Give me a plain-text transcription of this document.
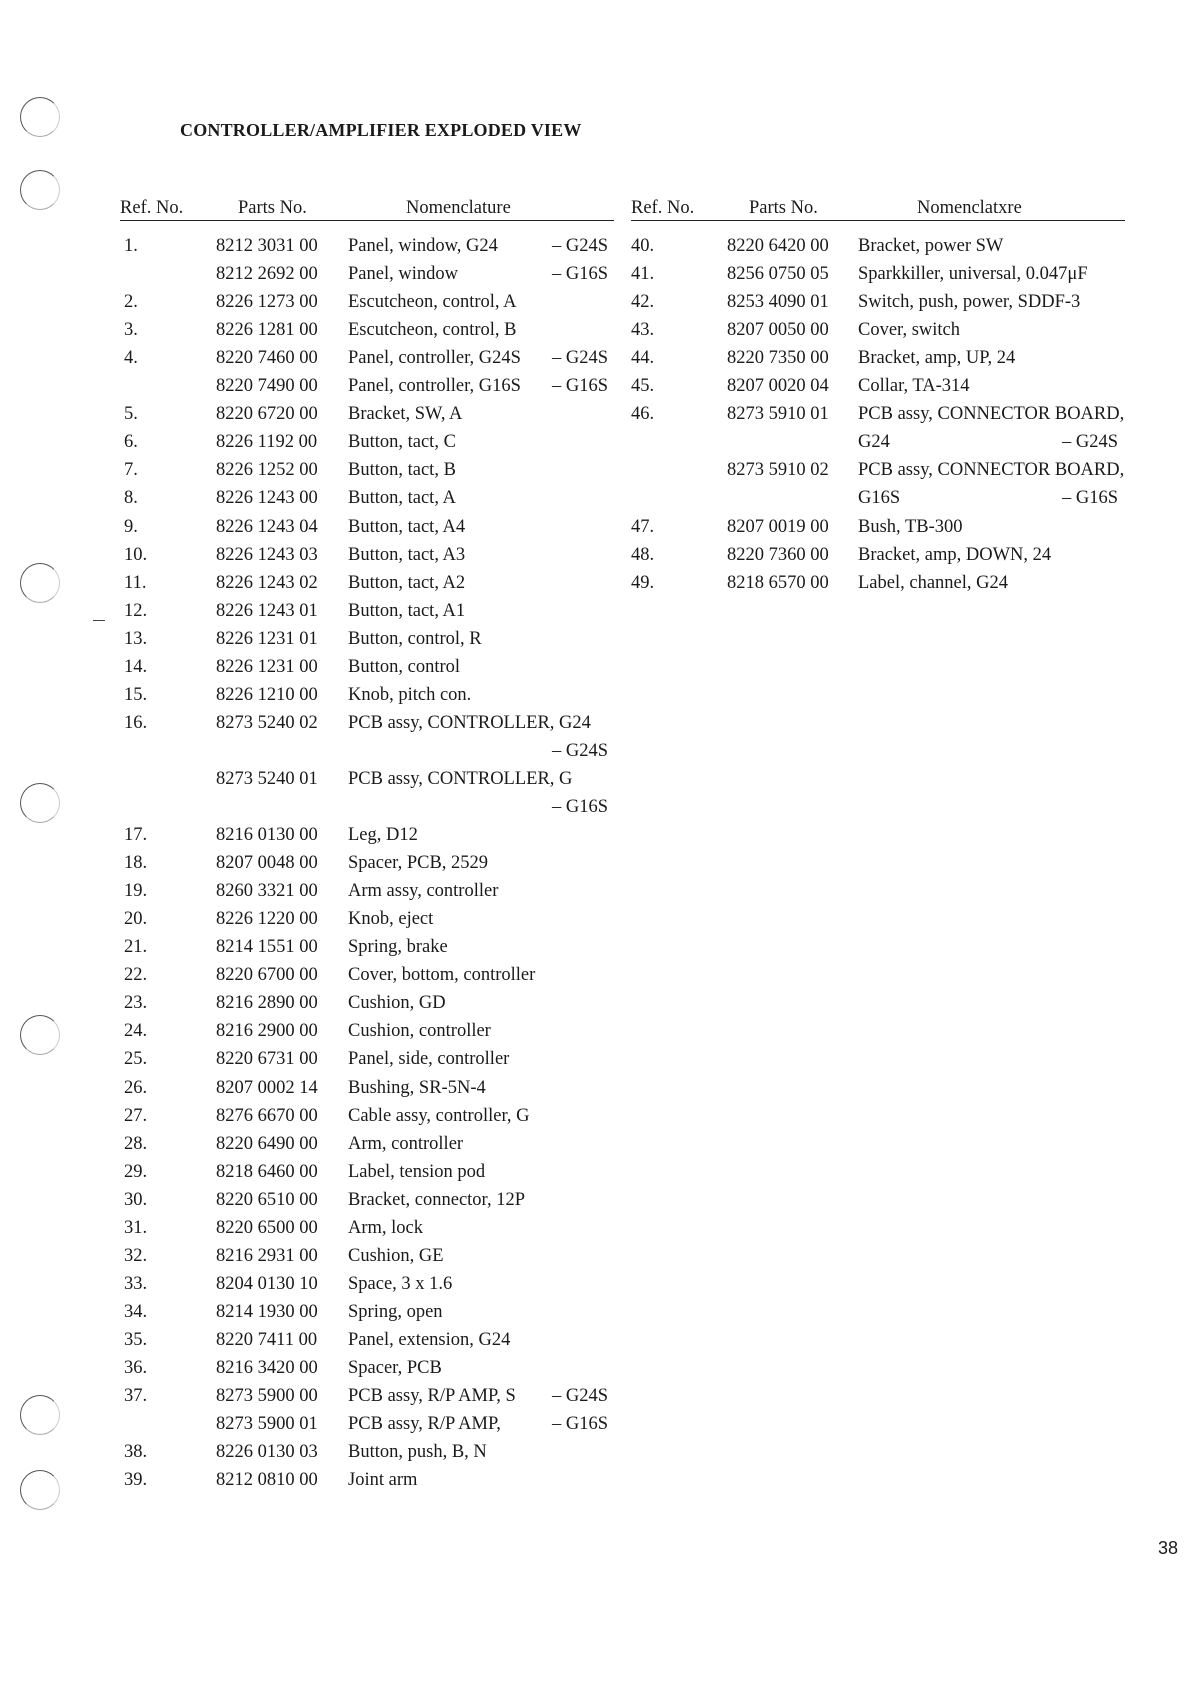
CONTROLLER/AMPLIFIER EXPLODED VIEW
Ref. No.	Parts No.	Nomenclature	Ref. No.	Parts No.	Nomenclatxre
1.	8212 3031 00 Panel, window, G24	– G24S
8212 2692 00 Panel, window	– G16S
2.	8226 1273 00 Escutcheon, control, A
3.	8226 1281 00 Escutcheon, control, B
4.	8220 7460 00 Panel, controller, G24S – G24S
8220 7490 00 Panel, controller, G16S – G16S
5.	8220 6720 00 Bracket, SW, A
6.	8226 1192 00 Button, tact, C
7.	8226 1252 00 Button, tact, B
8.	8226 1243 00 Button, tact, A
9.	8226 1243 04 Button, tact, A4
10.	8226 1243 03 Button, tact, A3
11.	8226 1243 02 Button, tact, A2
12.	8226 1243 01 Button, tact, A1
13.	8226 1231 01 Button, control, R
14.	8226 1231 00 Button, control
15.	8226 1210 00 Knob, pitch con.
16.	8273 5240 02 PCB assy, CONTROLLER, G24
– G24S
8273 5240 01 PCB assy, CONTROLLER, G
– G16S
17.	8216 0130 00 Leg, D12
18.	8207 0048 00 Spacer, PCB, 2529
19.	8260 3321 00 Arm assy, controller
20.	8226 1220 00 Knob, eject
21.	8214 1551 00 Spring, brake
22.	8220 6700 00 Cover, bottom, controller
23.	8216 2890 00 Cushion, GD
24.	8216 2900 00 Cushion, controller
25.	8220 6731 00 Panel, side, controller
26.	8207 0002 14 Bushing, SR-5N-4
27.	8276 6670 00 Cable assy, controller, G
28.	8220 6490 00 Arm, controller
29.	8218 6460 00 Label, tension pod
30.	8220 6510 00 Bracket, connector, 12P
31.	8220 6500 00 Arm, lock
32.	8216 2931 00 Cushion, GE
33.	8204 0130 10 Space, 3 x 1.6
34.	8214 1930 00 Spring, open
35.	8220 7411 00 Panel, extension, G24
36.	8216 3420 00 Spacer, PCB
37.	8273 5900 00 PCB assy, R/P AMP, S – G24S
8273 5900 01 PCB assy, R/P AMP,	– G16S
38.	8226 0130 03 Button, push, B, N
39.	8212 0810 00 Joint arm
40.	8220 6420 00 Bracket, power SW
41.	8256 0750 05 Sparkkiller, universal, 0.047μF
42.	8253 4090 01 Switch, push, power, SDDF-3
43.	8207 0050 00 Cover, switch
44.	8220 7350 00 Bracket, amp, UP, 24
45.	8207 0020 04 Collar, TA-314
46.	8273 5910 01 PCB assy, CONNECTOR BOARD,
G24	– G24S
8273 5910 02 PCB assy, CONNECTOR BOARD,
G16S	– G16S
47.	8207 0019 00 Bush, TB-300
48.	8220 7360 00 Bracket, amp, DOWN, 24
49.	8218 6570 00 Label, channel, G24
38
